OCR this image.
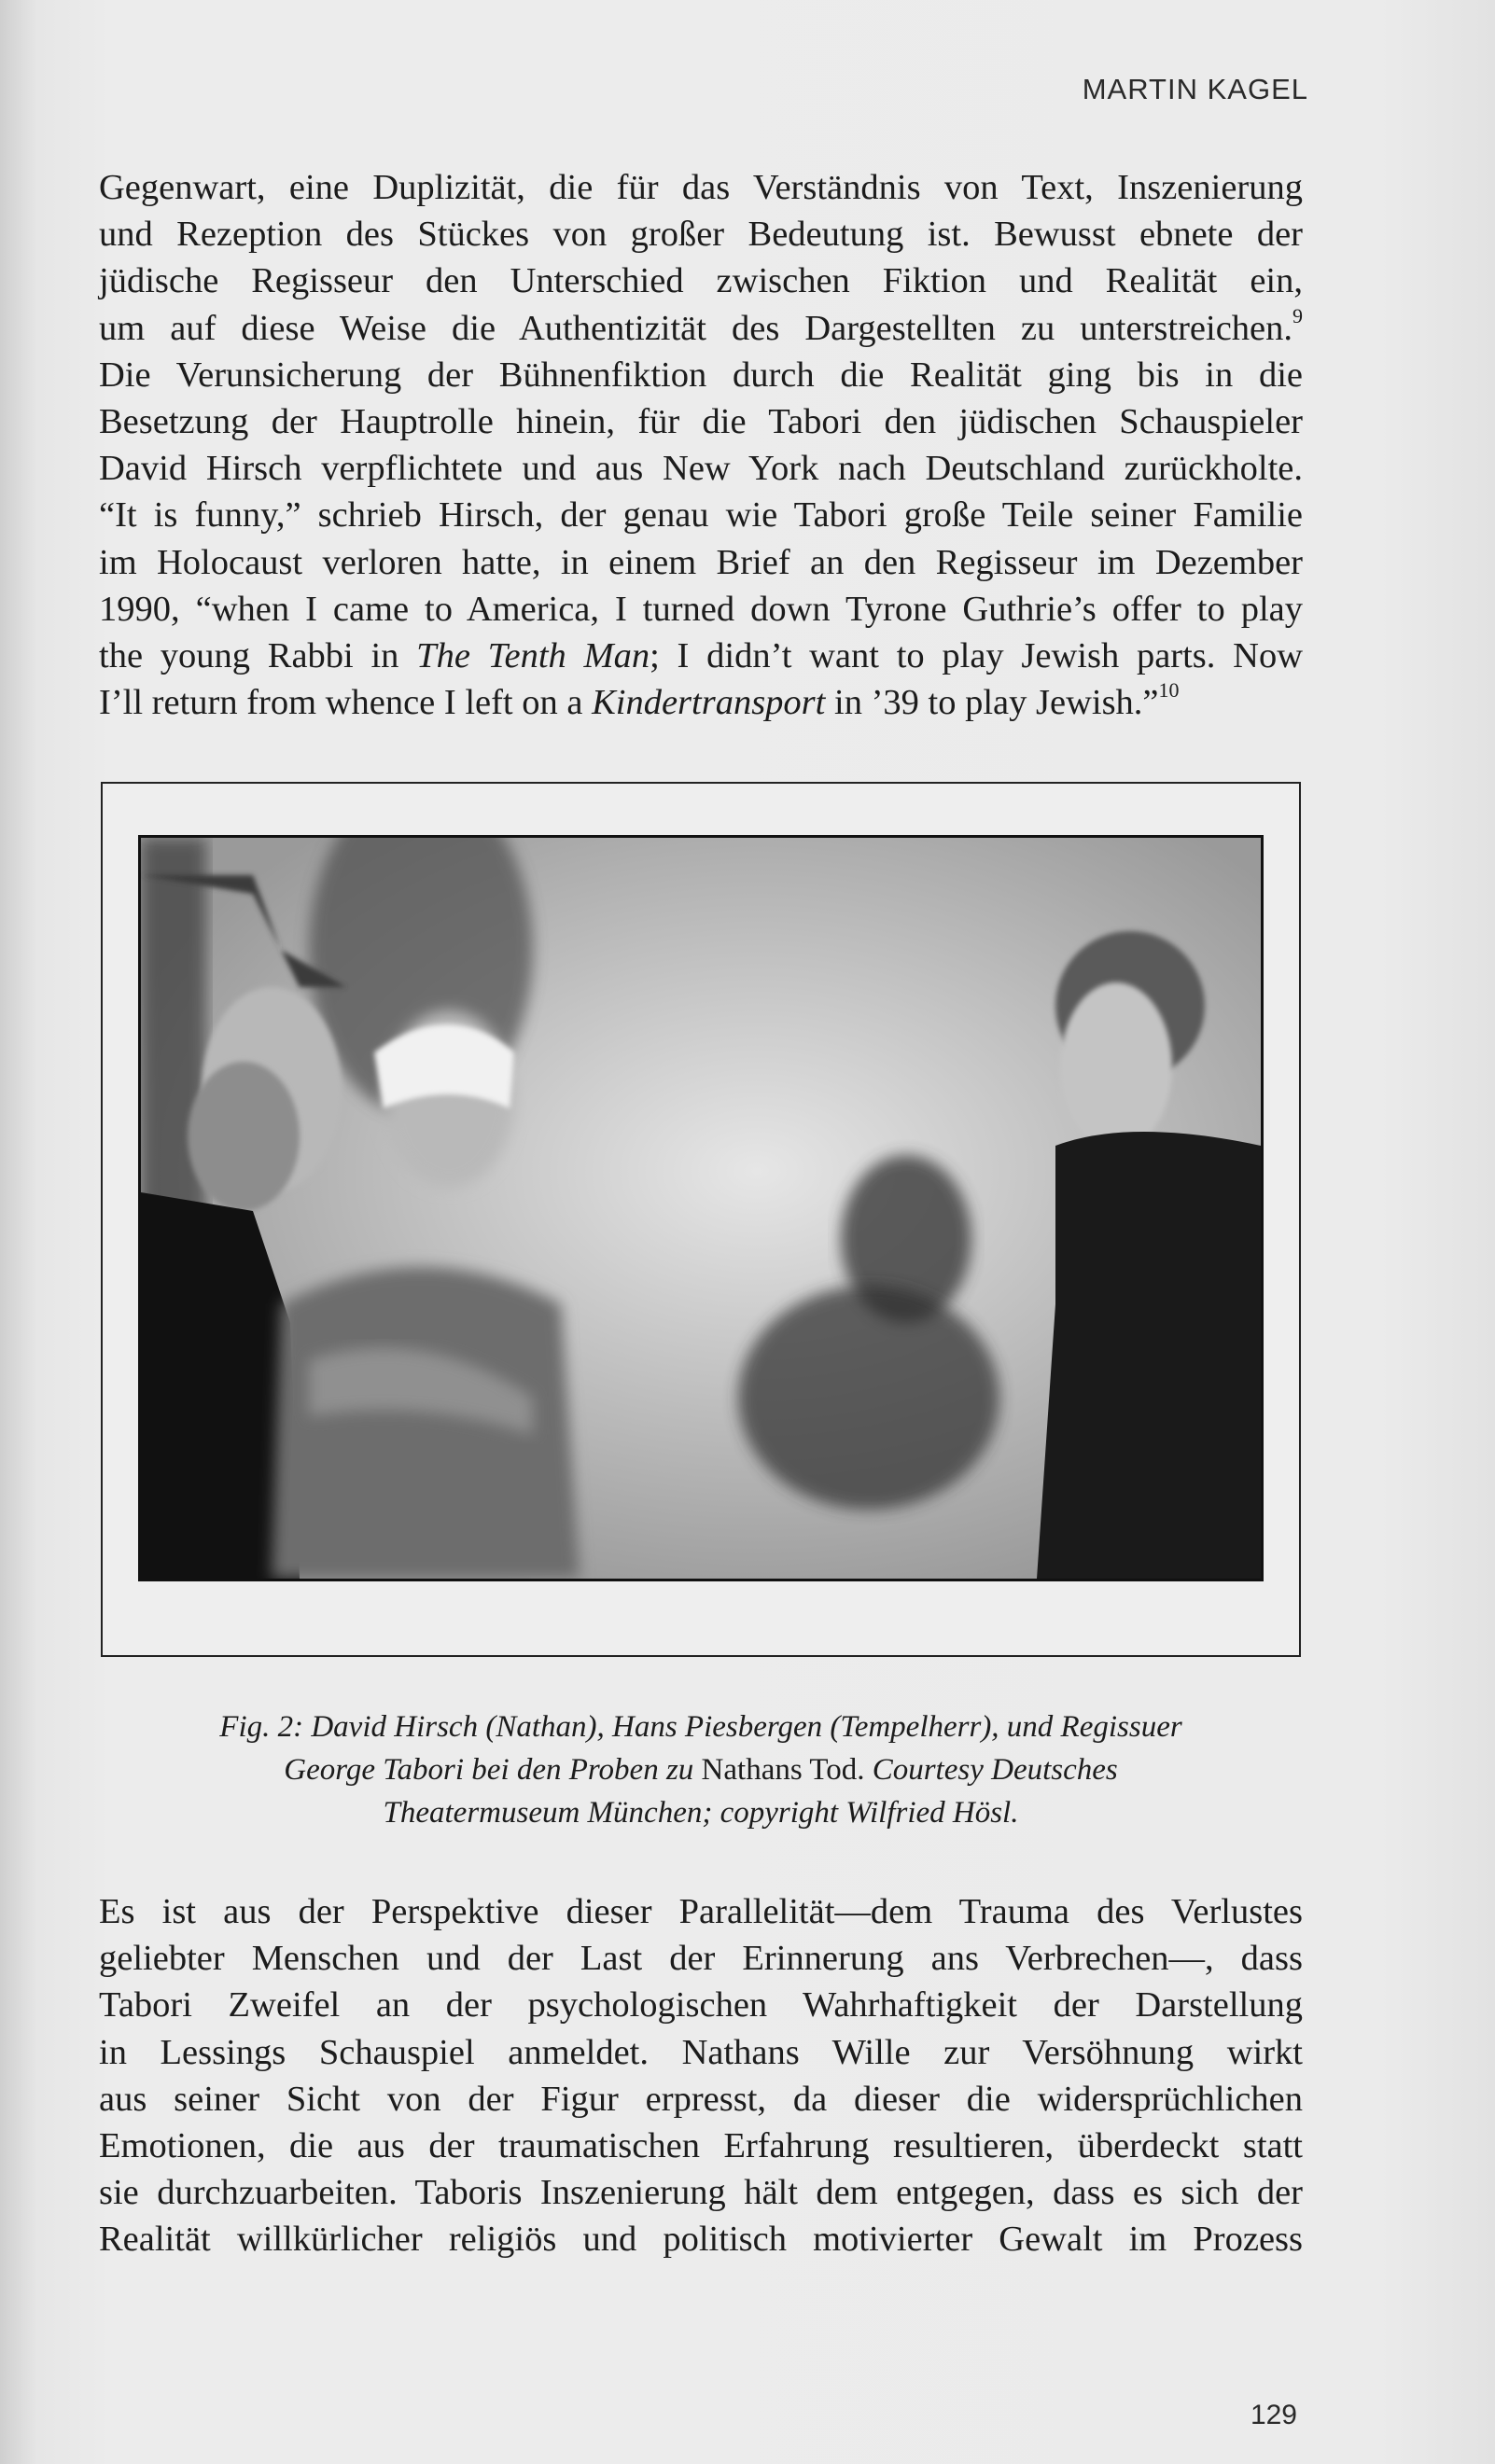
MARTIN KAGEL
Gegenwart, eine Duplizität, die für das Verständnis von Text, Inszenierung
und Rezeption des Stückes von großer Bedeutung ist. Bewusst ebnete der
jüdische Regisseur den Unterschied zwischen Fiktion und Realität ein,
um auf diese Weise die Authentizität des Dargestellten zu unterstreichen.$^9$
Die Verunsicherung der Bühnenfiktion durch die Realität ging bis in die
Besetzung der Hauptrolle hinein, für die Tabori den jüdischen Schauspieler
David Hirsch verpflichtete und aus New York nach Deutschland zurückholte.
“It is funny,” schrieb Hirsch, der genau wie Tabori große Teile seiner Familie
im Holocaust verloren hatte, in einem Brief an den Regisseur im Dezember
1990, “when I came to America, I turned down Tyrone Guthrie’s offer to play
the young Rabbi in The Tenth Man; I didn’t want to play Jewish parts. Now
I’ll return from whence I left on a Kindertransport in ’39 to play Jewish.”$^{10}$
Fig. 2: David Hirsch (Nathan), Hans Piesbergen (Tempelherr), und Regissuer
George Tabori bei den Proben zu Nathans Tod. Courtesy Deutsches
Theatermuseum München; copyright Wilfried Hösl.
Es ist aus der Perspektive dieser Parallelität—dem Trauma des Verlustes
geliebter Menschen und der Last der Erinnerung ans Verbrechen—, dass
Tabori Zweifel an der psychologischen Wahrhaftigkeit der Darstellung
in Lessings Schauspiel anmeldet. Nathans Wille zur Versöhnung wirkt
aus seiner Sicht von der Figur erpresst, da dieser die widersprüchlichen
Emotionen, die aus der traumatischen Erfahrung resultieren, überdeckt statt
sie durchzuarbeiten. Taboris Inszenierung hält dem entgegen, dass es sich der
Realität willkürlicher religiös und politisch motivierter Gewalt im Prozess
129
